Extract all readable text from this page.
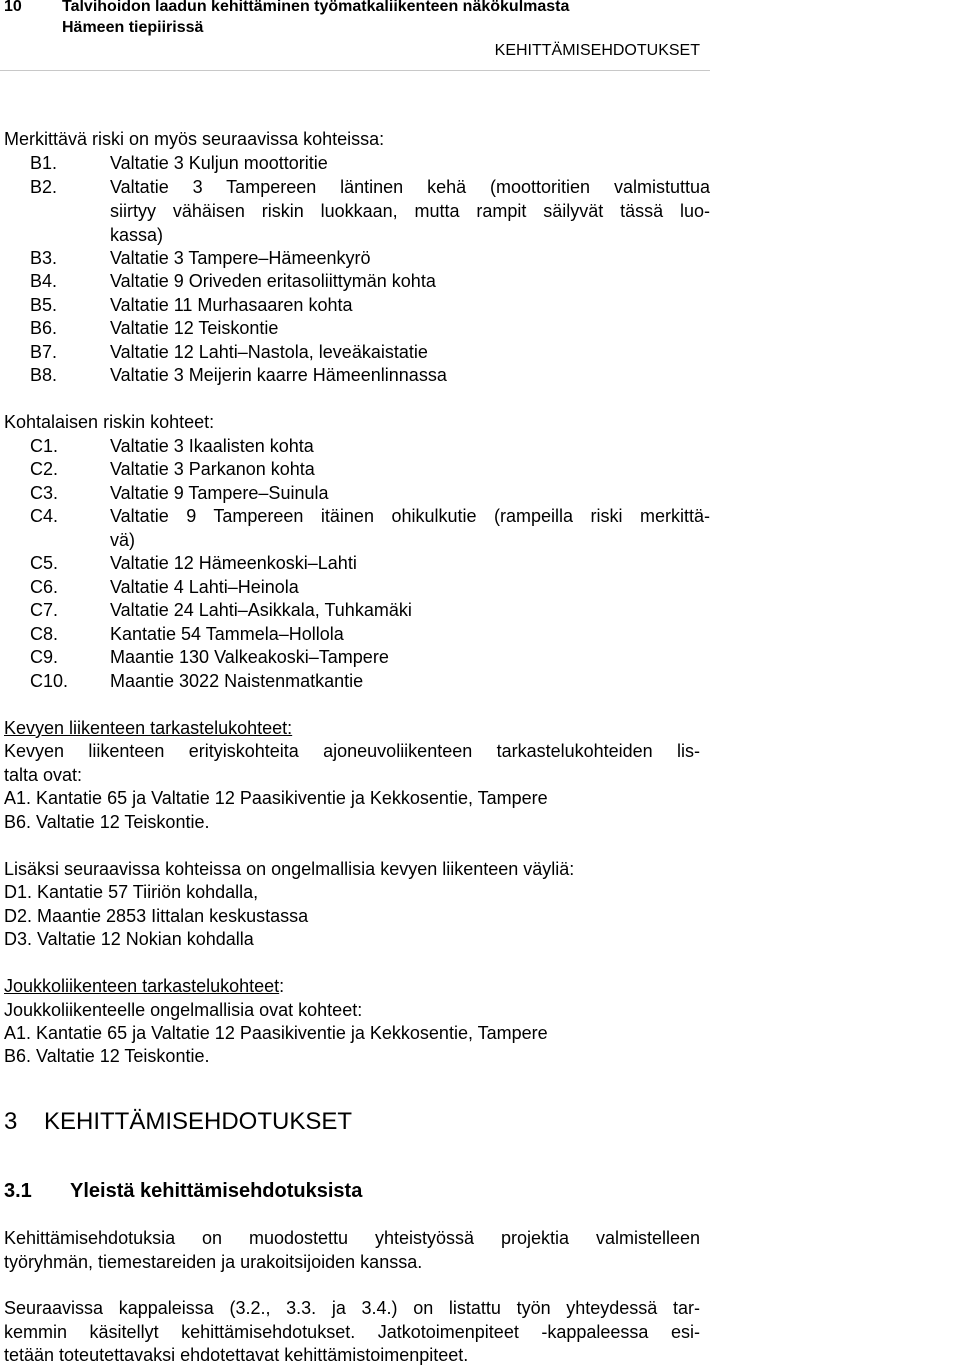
10	Talvihoidon laadun kehittäminen työmatkaliikenteen näkökulmasta
Hämeen tiepiirissä
KEHITTÄMISEHDOTUKSET
Merkittävä riski on myös seuraavissa kohteissa:
B1.	Valtatie 3 Kuljun moottoritie
B2.	Valtatie 3 Tampereen läntinen kehä (moottoritien valmistuttua
siirtyy vähäisen riskin luokkaan, mutta rampit säilyvät tässä luo-
kassa)
B3.	Valtatie 3 Tampere–Hämeenkyrö
B4.	Valtatie 9 Oriveden eritasoliittymän kohta
B5.	Valtatie 11 Murhasaaren kohta
B6.	Valtatie 12 Teiskontie
B7.	Valtatie 12 Lahti–Nastola, leveäkaistatie
B8.	Valtatie 3 Meijerin kaarre Hämeenlinnassa
Kohtalaisen riskin kohteet:
C1.	Valtatie 3 Ikaalisten kohta
C2.	Valtatie 3 Parkanon kohta
C3.	Valtatie 9 Tampere–Suinula
C4.	Valtatie 9 Tampereen itäinen ohikulkutie (rampeilla riski merkittä-
vä)
C5.	Valtatie 12 Hämeenkoski–Lahti
C6.	Valtatie 4 Lahti–Heinola
C7.	Valtatie 24 Lahti–Asikkala, Tuhkamäki
C8.	Kantatie 54 Tammela–Hollola
C9.	Maantie 130 Valkeakoski–Tampere
C10. Maantie 3022 Naistenmatkantie
Kevyen liikenteen tarkastelukohteet:
Kevyen liikenteen erityiskohteita ajoneuvoliikenteen tarkastelukohteiden lis-
talta ovat:
A1. Kantatie 65 ja Valtatie 12 Paasikiventie ja Kekkosentie, Tampere
B6. Valtatie 12 Teiskontie.
Lisäksi seuraavissa kohteissa on ongelmallisia kevyen liikenteen väyliä:
D1. Kantatie 57 Tiiriön kohdalla,
D2. Maantie 2853 Iittalan keskustassa
D3. Valtatie 12 Nokian kohdalla
Joukkoliikenteen tarkastelukohteet:
Joukkoliikenteelle ongelmallisia ovat kohteet:
A1. Kantatie 65 ja Valtatie 12 Paasikiventie ja Kekkosentie, Tampere
B6. Valtatie 12 Teiskontie.
3 KEHITTÄMISEHDOTUKSET
3.1 Yleistä kehittämisehdotuksista
Kehittämisehdotuksia on muodostettu yhteistyössä projektia valmistelleen
työryhmän, tiemestareiden ja urakoitsijoiden kanssa.
Seuraavissa kappaleissa (3.2., 3.3. ja 3.4.) on listattu työn yhteydessä tar-
kemmin käsitellyt kehittämisehdotukset. Jatkotoimenpiteet -kappaleessa esi-
tetään toteutettavaksi ehdotettavat kehittämistoimenpiteet.
